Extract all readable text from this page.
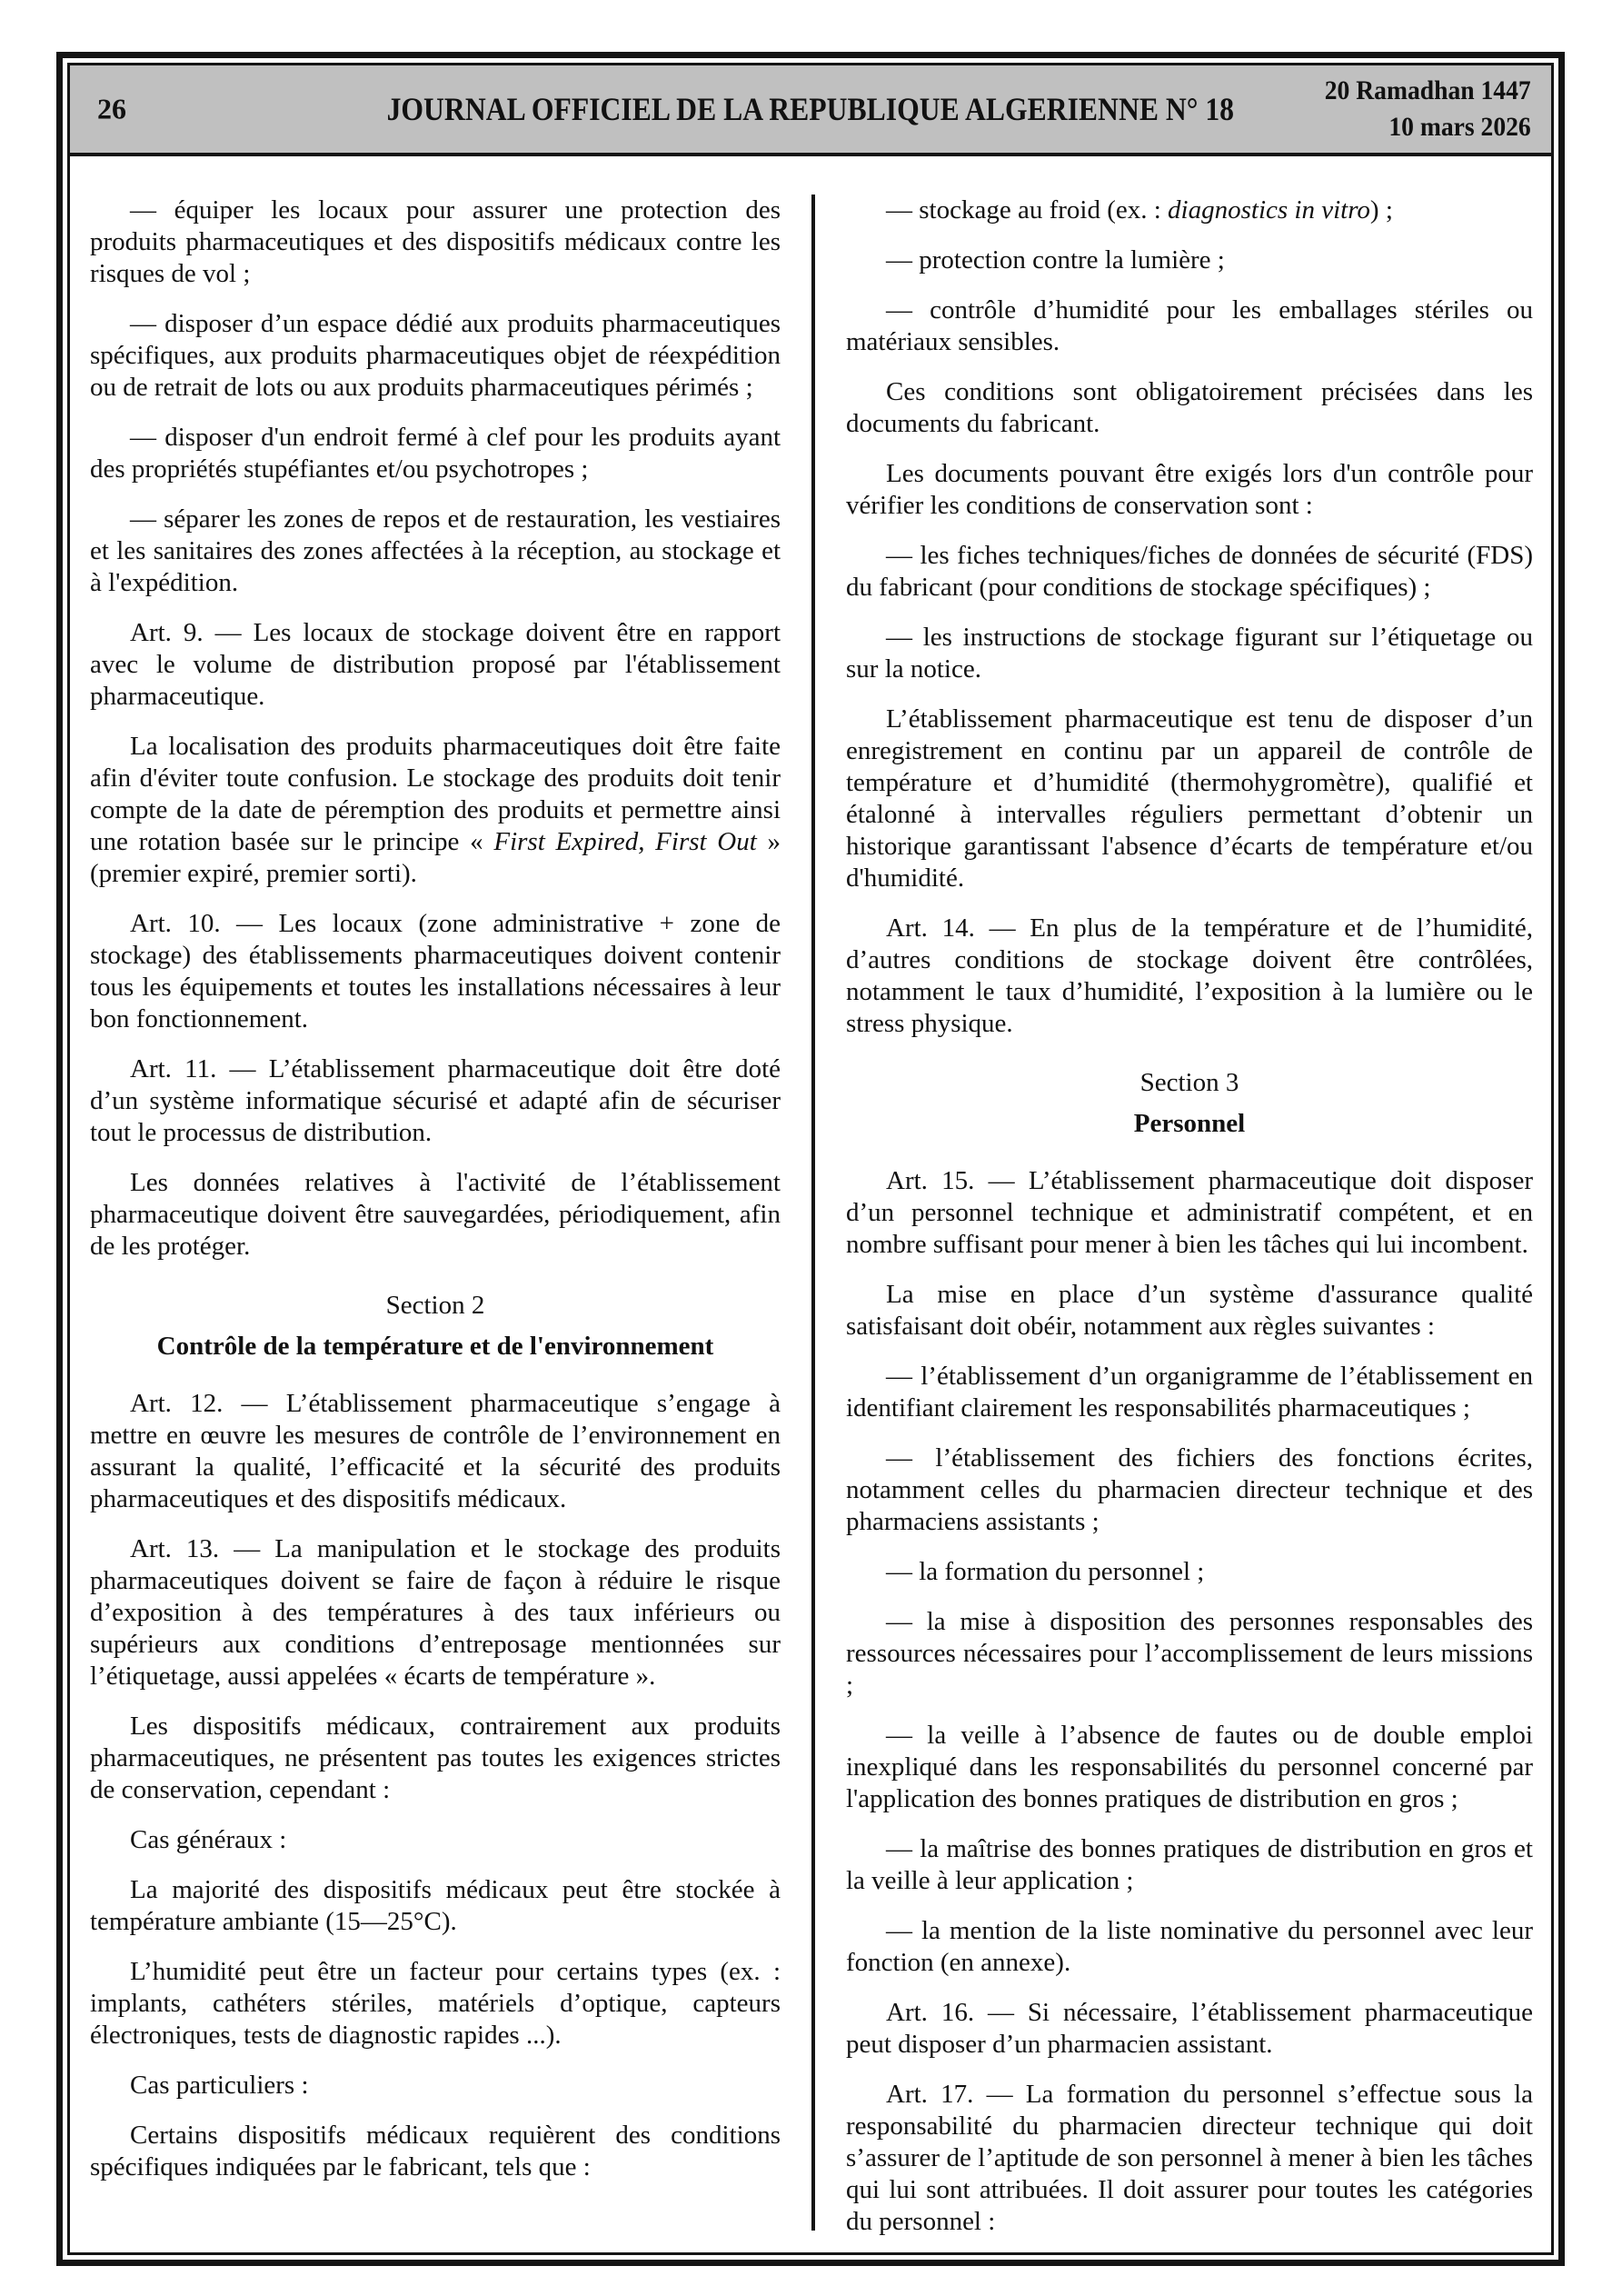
26	JOURNAL OFFICIEL DE LA REPUBLIQUE ALGERIENNE N° 18
20 Ramadhan 1447
10 mars 2026

— équiper les locaux pour assurer une protection des produits pharmaceutiques et des dispositifs médicaux contre les risques de vol ;

— disposer d’un espace dédié aux produits pharmaceutiques spécifiques, aux produits pharmaceutiques objet de réexpédition ou de retrait de lots ou aux produits pharmaceutiques périmés ;

— disposer d'un endroit fermé à clef pour les produits ayant des propriétés stupéfiantes et/ou psychotropes ;

— séparer les zones de repos et de restauration, les vestiaires et les sanitaires des zones affectées à la réception, au stockage et à l'expédition.

Art. 9. — Les locaux de stockage doivent être en rapport avec le volume de distribution proposé par l'établissement pharmaceutique.

La localisation des produits pharmaceutiques doit être faite afin d'éviter toute confusion. Le stockage des produits doit tenir compte de la date de péremption des produits et permettre ainsi une rotation basée sur le principe « First Expired, First Out » (premier expiré, premier sorti).

Art. 10. — Les locaux (zone administrative + zone de stockage) des établissements pharmaceutiques doivent contenir tous les équipements et toutes les installations nécessaires à leur bon fonctionnement.

Art. 11. — L’établissement pharmaceutique doit être doté d’un système informatique sécurisé et adapté afin de sécuriser tout le processus de distribution.

Les données relatives à l'activité de l’établissement pharmaceutique doivent être sauvegardées, périodiquement, afin de les protéger.

Section 2

Contrôle de la température et de l'environnement

Art. 12. — L’établissement pharmaceutique s’engage à mettre en œuvre les mesures de contrôle de l’environnement en assurant la qualité, l’efficacité et la sécurité des produits pharmaceutiques et des dispositifs médicaux.

Art. 13. — La manipulation et le stockage des produits pharmaceutiques doivent se faire de façon à réduire le risque d’exposition à des températures à des taux inférieurs ou supérieurs aux conditions d’entreposage mentionnées sur l’étiquetage, aussi appelées « écarts de température ».

Les dispositifs médicaux, contrairement aux produits pharmaceutiques, ne présentent pas toutes les exigences strictes de conservation, cependant :

Cas généraux :

La majorité des dispositifs médicaux peut être stockée à température ambiante (15—25°C).

L’humidité peut être un facteur pour certains types (ex. : implants, cathéters stériles, matériels d’optique, capteurs électroniques, tests de diagnostic rapides ...).

Cas particuliers :

Certains dispositifs médicaux requièrent des conditions spécifiques indiquées par le fabricant, tels que :

— stockage au froid (ex. : diagnostics in vitro) ;

— protection contre la lumière ;

— contrôle d’humidité pour les emballages stériles ou matériaux sensibles.

Ces conditions sont obligatoirement précisées dans les documents du fabricant.

Les documents pouvant être exigés lors d'un contrôle pour vérifier les conditions de conservation sont :

— les fiches techniques/fiches de données de sécurité (FDS) du fabricant (pour conditions de stockage spécifiques) ;

— les instructions de stockage figurant sur l’étiquetage ou sur la notice.

L’établissement pharmaceutique est tenu de disposer d’un enregistrement en continu par un appareil de contrôle de température et d’humidité (thermohygromètre), qualifié et étalonné à intervalles réguliers permettant d’obtenir un historique garantissant l'absence d’écarts de température et/ou d'humidité.

Art. 14. — En plus de la température et de l’humidité, d’autres conditions de stockage doivent être contrôlées, notamment le taux d’humidité, l’exposition à la lumière ou le stress physique.

Section 3

Personnel

Art. 15. — L’établissement pharmaceutique doit disposer d’un personnel technique et administratif compétent, et en nombre suffisant pour mener à bien les tâches qui lui incombent.

La mise en place d’un système d'assurance qualité satisfaisant doit obéir, notamment aux règles suivantes :

— l’établissement d’un organigramme de l’établissement en identifiant clairement les responsabilités pharmaceutiques ;

— l’établissement des fichiers des fonctions écrites, notamment celles du pharmacien directeur technique et des pharmaciens assistants ;

— la formation du personnel ;

— la mise à disposition des personnes responsables des ressources nécessaires pour l’accomplissement de leurs missions ;

— la veille à l’absence de fautes ou de double emploi inexpliqué dans les responsabilités du personnel concerné par l'application des bonnes pratiques de distribution en gros ;

— la maîtrise des bonnes pratiques de distribution en gros et la veille à leur application ;

— la mention de la liste nominative du personnel avec leur fonction (en annexe).

Art. 16. — Si nécessaire, l’établissement pharmaceutique peut disposer d’un pharmacien assistant.

Art. 17. — La formation du personnel s’effectue sous la responsabilité du pharmacien directeur technique qui doit s’assurer de l’aptitude de son personnel à mener à bien les tâches qui lui sont attribuées. Il doit assurer pour toutes les catégories du personnel :
